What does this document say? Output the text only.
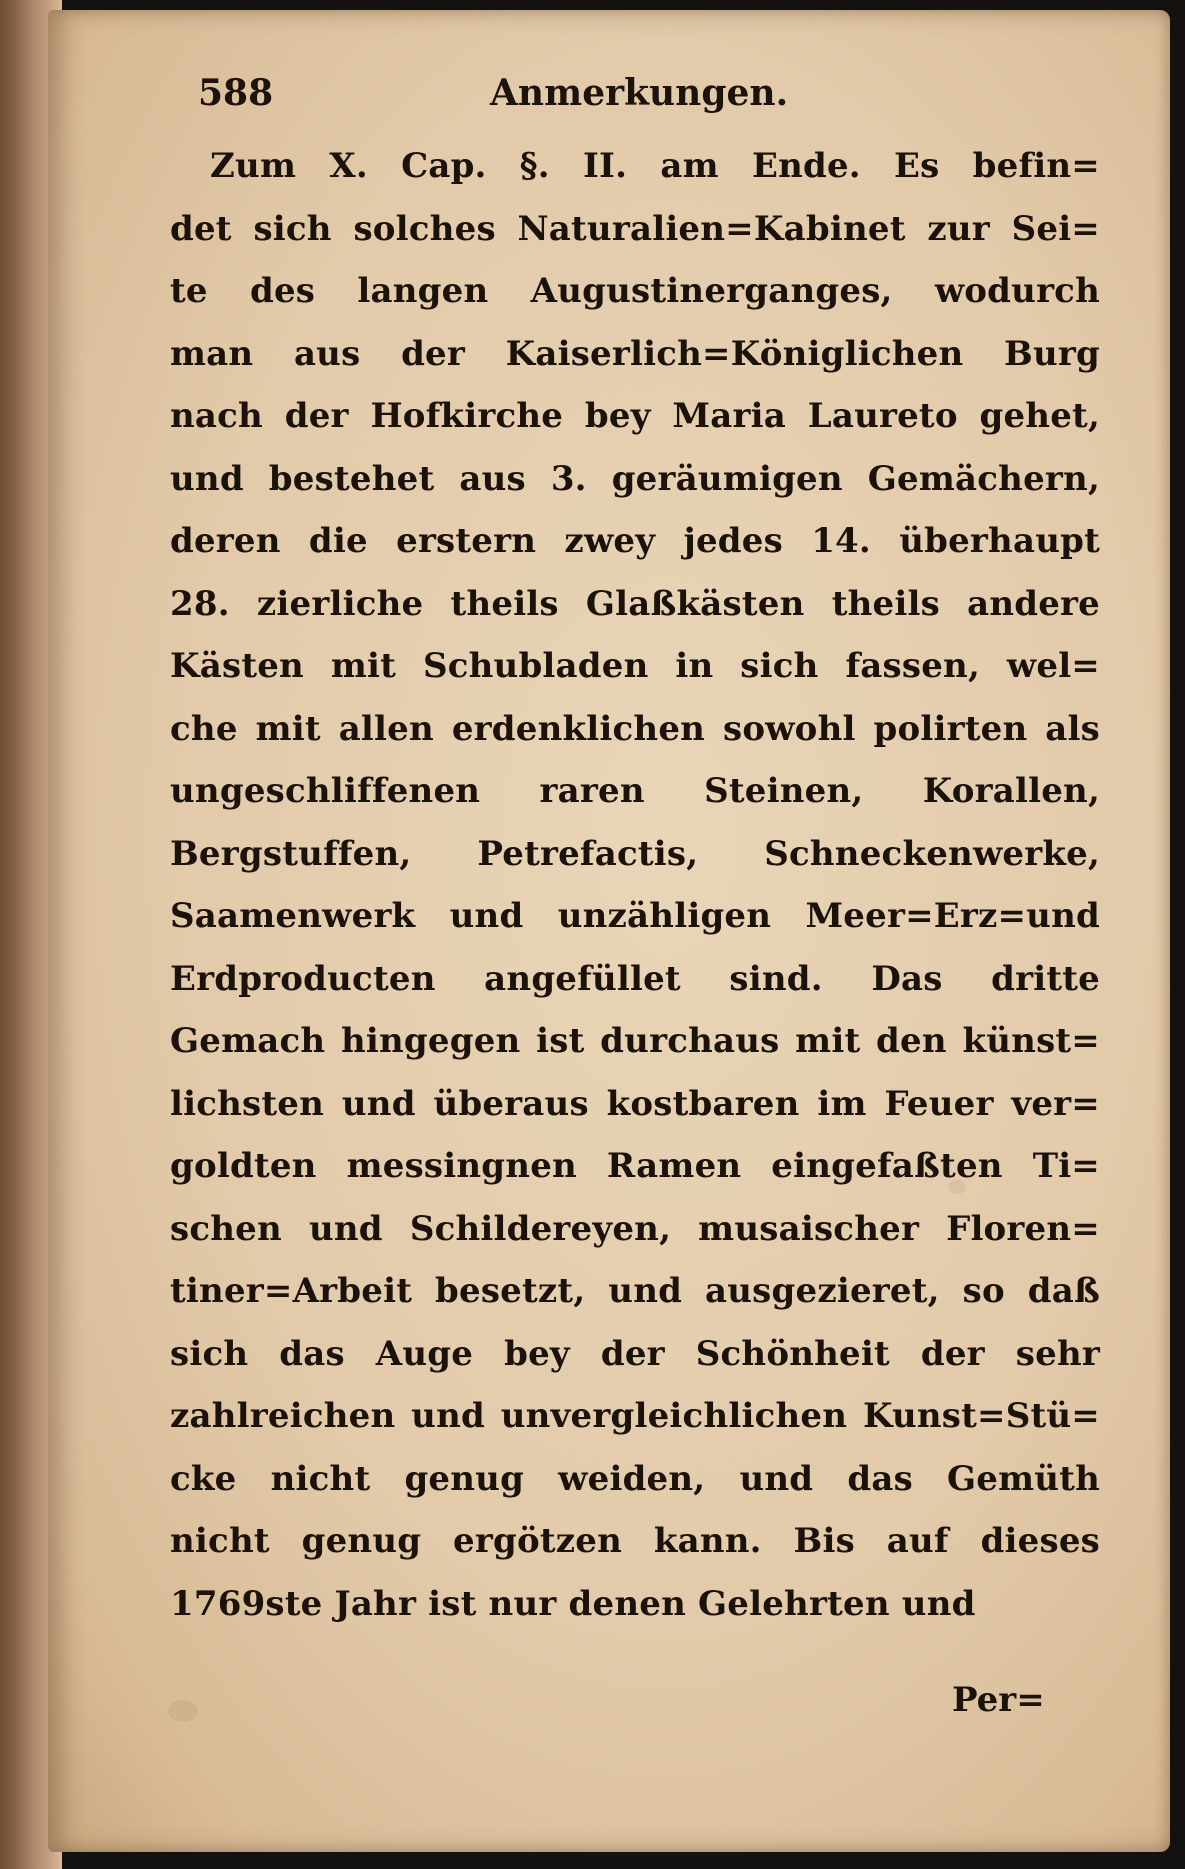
588	Anmerkungen.
Zum X. Cap. §. II. am Ende. Es befin=
det sich solches Naturalien=Kabinet zur Sei=
te des langen Augustinerganges, wodurch
man aus der Kaiserlich=Königlichen Burg
nach der Hofkirche bey Maria Laureto gehet,
und bestehet aus 3. geräumigen Gemächern,
deren die erstern zwey jedes 14. überhaupt
28. zierliche theils Glaßkästen theils andere
Kästen mit Schubladen in sich fassen, wel=
che mit allen erdenklichen sowohl polirten als
ungeschliffenen raren Steinen, Korallen,
Bergstuffen, Petrefactis, Schneckenwerke,
Saamenwerk und unzähligen Meer=Erz=und
Erdproducten angefüllet sind. Das dritte
Gemach hingegen ist durchaus mit den künst=
lichsten und überaus kostbaren im Feuer ver=
goldten messingnen Ramen eingefaßten Ti=
schen und Schildereyen, musaischer Floren=
tiner=Arbeit besetzt, und ausgezieret, so daß
sich das Auge bey der Schönheit der sehr
zahlreichen und unvergleichlichen Kunst=Stü=
cke nicht genug weiden, und das Gemüth
nicht genug ergötzen kann. Bis auf dieses
1769ste Jahr ist nur denen Gelehrten und
Per=
